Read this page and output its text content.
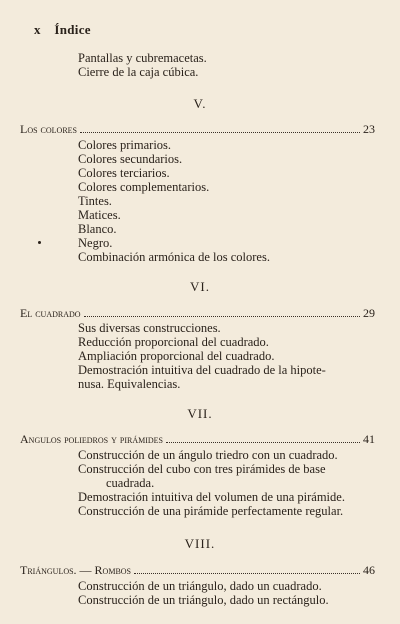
x Índice
Pantallas y cubremacetas.
Cierre de la caja cúbica.
V.
Los colores	23
Colores primarios.
Colores secundarios.
Colores terciarios.
Colores complementarios.
Tintes.
Matices.
Blanco.
Negro.
Combinación armónica de los colores.
VI.
El cuadrado	29
Sus diversas construcciones.
Reducción proporcional del cuadrado.
Ampliación proporcional del cuadrado.
Demostración intuitiva del cuadrado de la hipote-
nusa. Equivalencias.
VII.
Angulos poliedros y pirámides	41
Construcción de un ángulo triedro con un cuadrado.
Construcción del cubo con tres pirámides de base
cuadrada.
Demostración intuitiva del volumen de una pirámide.
Construcción de una pirámide perfectamente regular.
VIII.
Triángulos. — Rombos	46
Construcción de un triángulo, dado un cuadrado.
Construcción de un triángulo, dado un rectángulo.
